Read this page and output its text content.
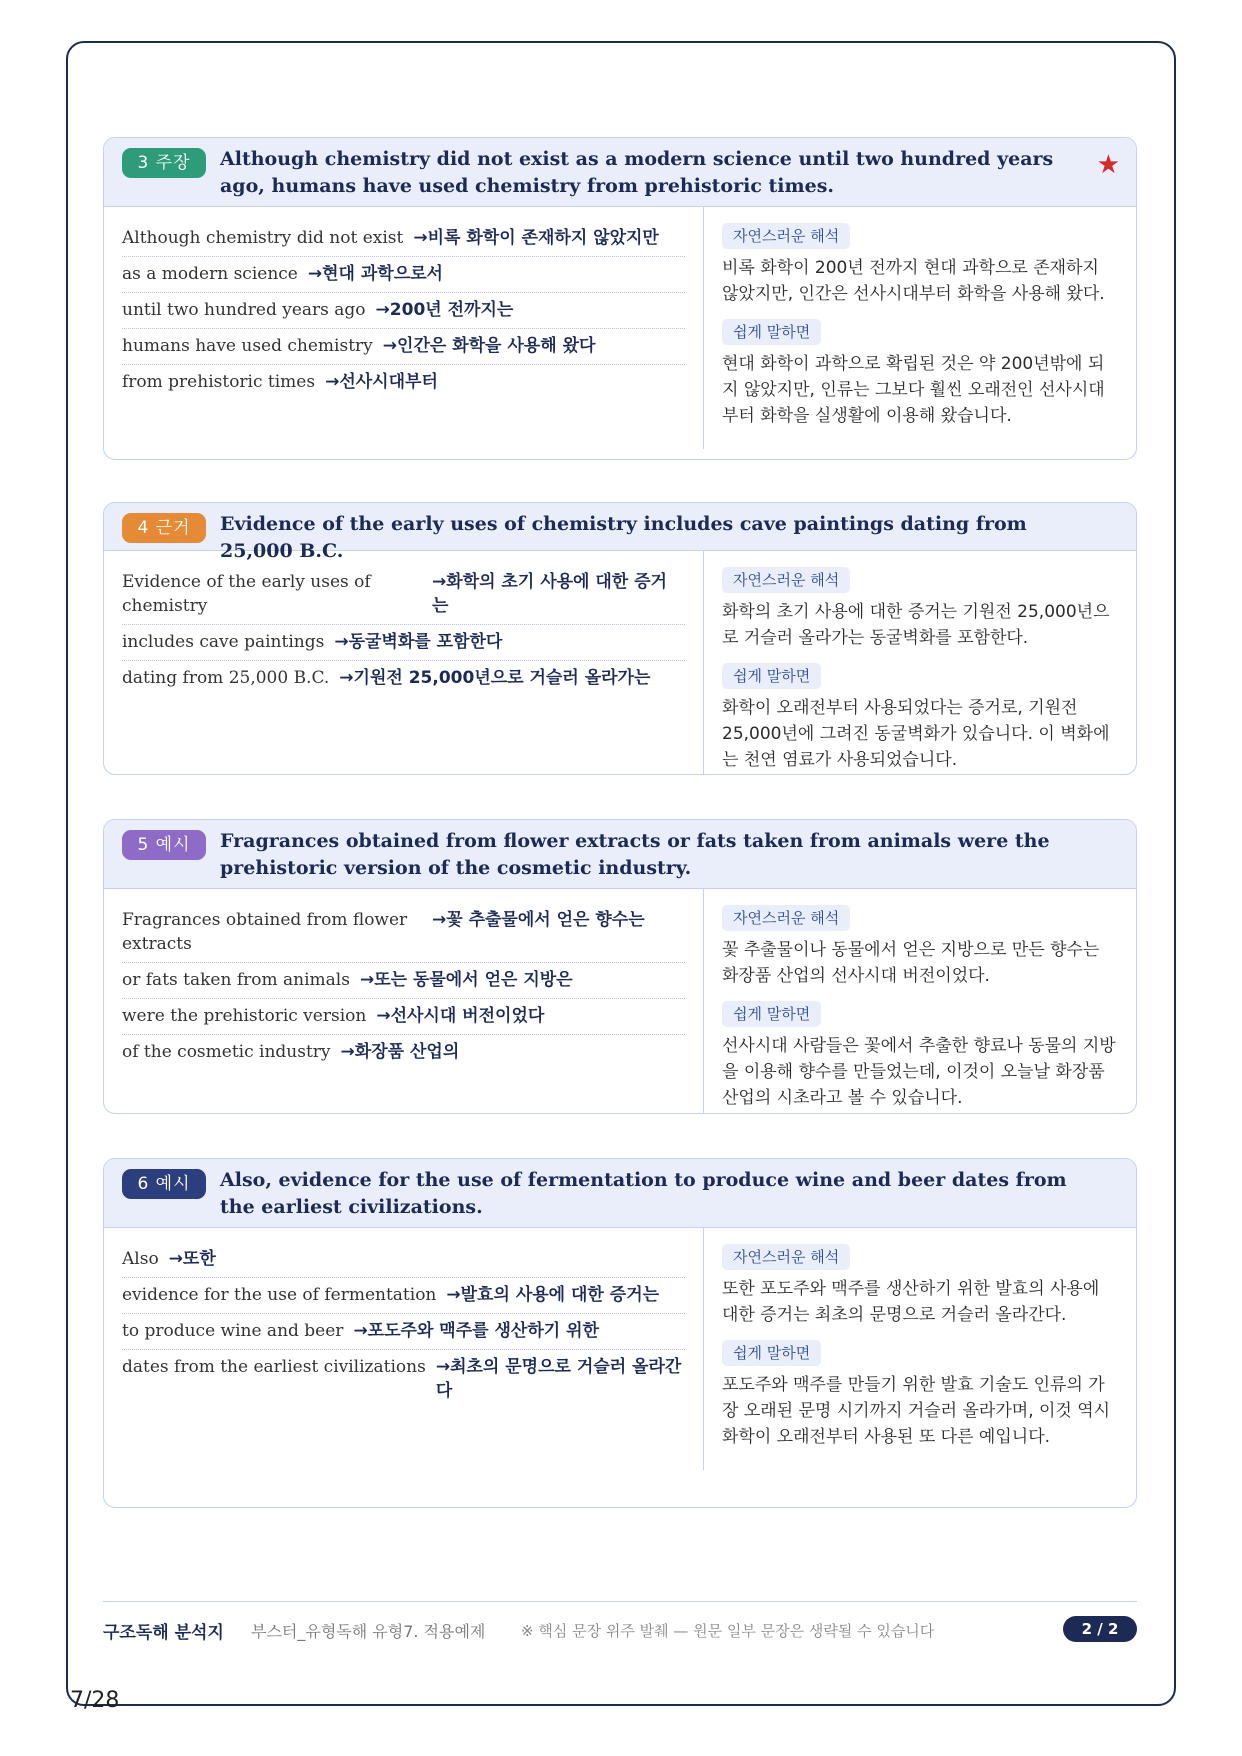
3 주장	Although chemistry did not exist as a modern science until two hundred years ago, humans have used chemistry from prehistoric times.
★
Although chemistry did not exist →비록 화학이 존재하지 않았지만
as a modern science →현대 과학으로서
until two hundred years ago →200년 전까지는
humans have used chemistry →인간은 화학을 사용해 왔다
from prehistoric times →선사시대부터
자연스러운 해석
비록 화학이 200년 전까지 현대 과학으로 존재하지 않았지만, 인간은 선사시대부터 화학을 사용해 왔다.
쉽게 말하면
현대 화학이 과학으로 확립된 것은 약 200년밖에 되지 않았지만, 인류는 그보다 훨씬 오래전인 선사시대부터 화학을 실생활에 이용해 왔습니다.
4 근거	Evidence of the early uses of chemistry includes cave paintings dating from 25,000 B.C.
Evidence of the early uses of chemistry
→화학의 초기 사용에 대한 증거는
includes cave paintings →동굴벽화를 포함한다
dating from 25,000 B.C. →기원전 25,000년으로 거슬러 올라가는
자연스러운 해석
화학의 초기 사용에 대한 증거는 기원전 25,000년으로 거슬러 올라가는 동굴벽화를 포함한다.
쉽게 말하면
화학이 오래전부터 사용되었다는 증거로, 기원전 25,000년에 그려진 동굴벽화가 있습니다. 이 벽화에는 천연 염료가 사용되었습니다.
5 예시	Fragrances obtained from flower extracts or fats taken from animals were the prehistoric version of the cosmetic industry.
Fragrances obtained from flower extracts
→꽃 추출물에서 얻은 향수는
or fats taken from animals →또는 동물에서 얻은 지방은
were the prehistoric version →선사시대 버전이었다
of the cosmetic industry →화장품 산업의
자연스러운 해석
꽃 추출물이나 동물에서 얻은 지방으로 만든 향수는 화장품 산업의 선사시대 버전이었다.
쉽게 말하면
선사시대 사람들은 꽃에서 추출한 향료나 동물의 지방을 이용해 향수를 만들었는데, 이것이 오늘날 화장품 산업의 시초라고 볼 수 있습니다.
6 예시	Also, evidence for the use of fermentation to produce wine and beer dates from the earliest civilizations.
Also →또한
evidence for the use of fermentation →발효의 사용에 대한 증거는
to produce wine and beer →포도주와 맥주를 생산하기 위한
dates from the earliest civilizations →최초의 문명으로 거슬러 올라간다
자연스러운 해석
또한 포도주와 맥주를 생산하기 위한 발효의 사용에 대한 증거는 최초의 문명으로 거슬러 올라간다.
쉽게 말하면
포도주와 맥주를 만들기 위한 발효 기술도 인류의 가장 오래된 문명 시기까지 거슬러 올라가며, 이것 역시 화학이 오래전부터 사용된 또 다른 예입니다.
구조독해 분석지 부스터_유형독해 유형7. 적용예제 ※ 핵심 문장 위주 발췌 — 원문 일부 문장은 생략될 수 있습니다	2 / 2
7/28
